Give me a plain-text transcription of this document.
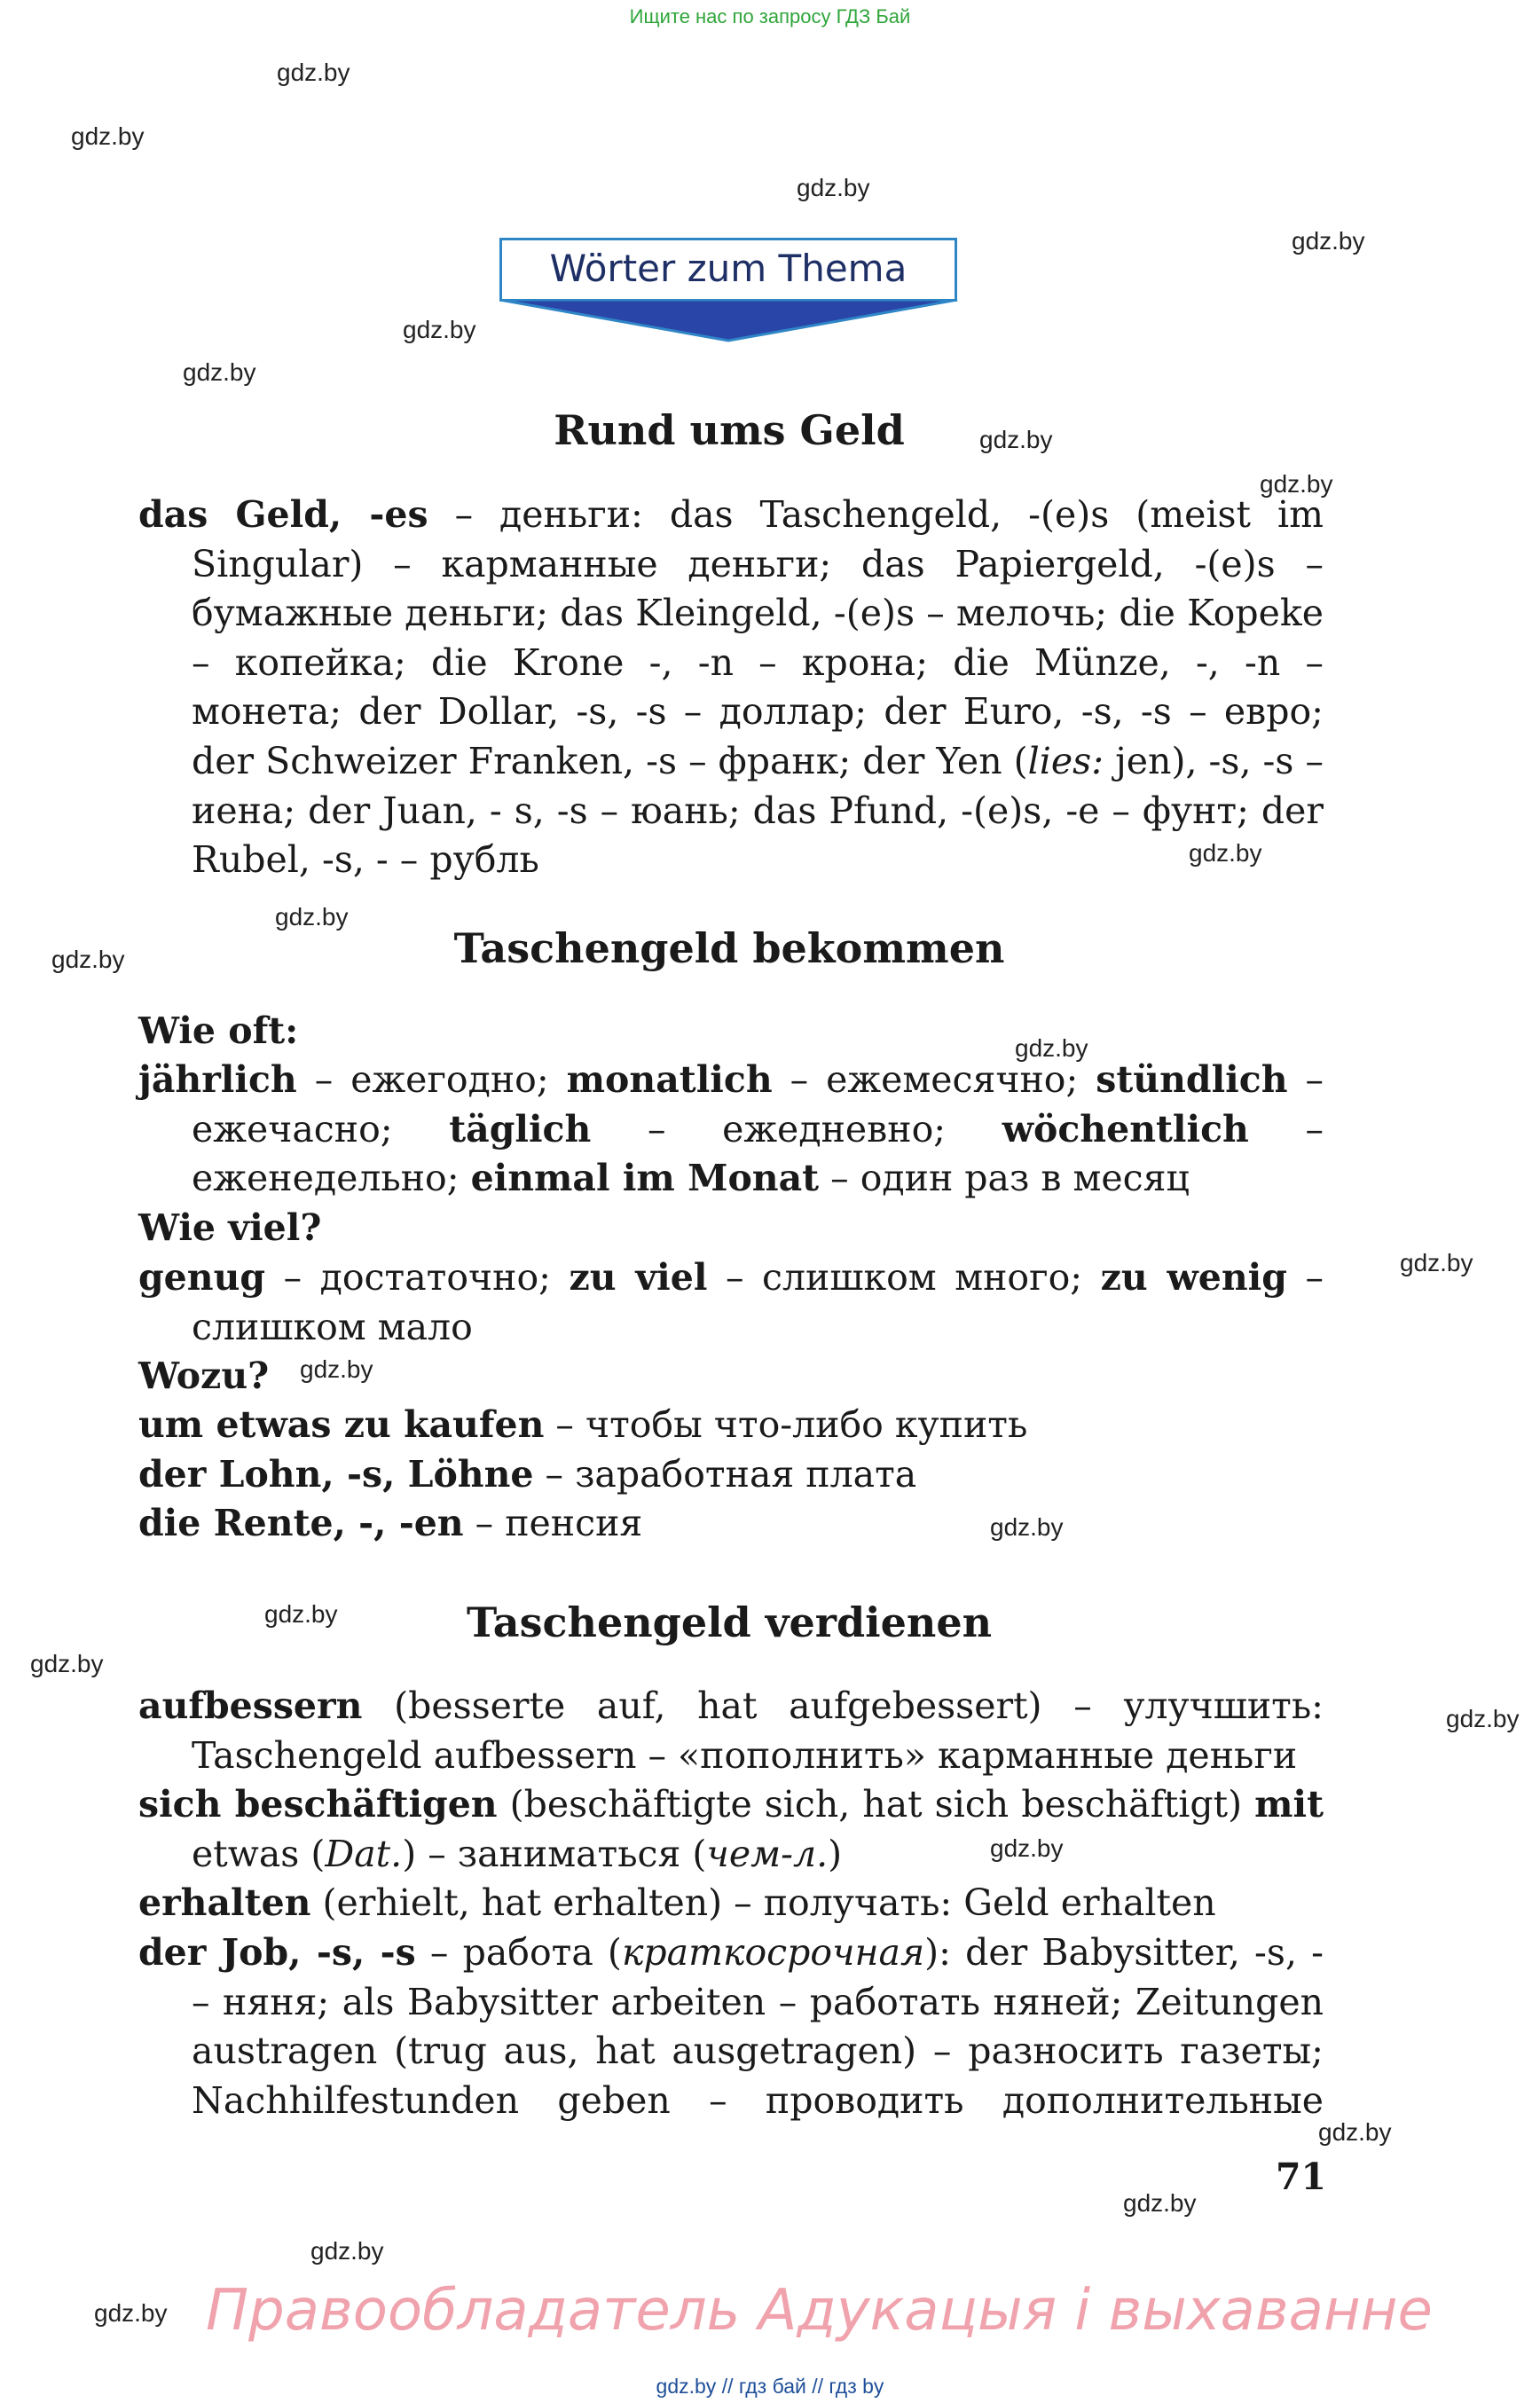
Ищите нас по запросу ГДЗ Бай
gdz.by
gdz.by
gdz.by
gdz.by
gdz.by
gdz.by
gdz.by
gdz.by
gdz.by
gdz.by
gdz.by
gdz.by
gdz.by
gdz.by
gdz.by
gdz.by
gdz.by
gdz.by
gdz.by
gdz.by
gdz.by
gdz.by
gdz.by
Wörter zum Thema
Rund ums Geld
das Geld, -es – деньги: das Taschengeld, -(e)s (meist im Singular) – карманные деньги; das Papiergeld, -(e)s – бумажные деньги; das Kleingeld, -(e)s – мелочь; die Kopeke – копейка; die Krone -, -n – крона; die Münze, -, -n – монета; der Dollar, -s, -s – доллар; der Euro, -s, -s – евро; der Schweizer Franken, -s – франк; der Yen (lies: jen), -s, -s – иена; der Juan, - s, -s – юань; das Pfund, -(e)s, -e – фунт; der Rubel, -s, - – рубль
Taschengeld bekommen
Wie oft:
jährlich – ежегодно; monatlich – ежемесячно; stündlich – ежечасно; täglich – ежедневно; wöchentlich – еженедельно; einmal im Monat – один раз в месяц
Wie viel?
genug – достаточно; zu viel – слишком много; zu wenig – слишком мало
Wozu?
um etwas zu kaufen – чтобы что-либо купить
der Lohn, -s, Löhne – заработная плата
die Rente, -, -en – пенсия
Taschengeld verdienen
aufbessern (besserte auf, hat aufgebessert) – улучшить: Taschengeld aufbessern – «пополнить» карманные деньги
sich beschäftigen (beschäftigte sich, hat sich beschäftigt) mit etwas (Dat.) – заниматься (чем-л.)
erhalten (erhielt, hat erhalten) – получать: Geld erhalten
der Job, -s, -s – работа (краткосрочная): der Babysitter, -s, - – няня; als Babysitter arbeiten – работать няней; Zeitungen austragen (trug aus, hat ausgetragen) – разносить газеты; Nachhilfestunden geben – проводить дополнительные
71
Правообладатель Адукацыя і выхаванне
gdz.by // гдз бай // гдз by
